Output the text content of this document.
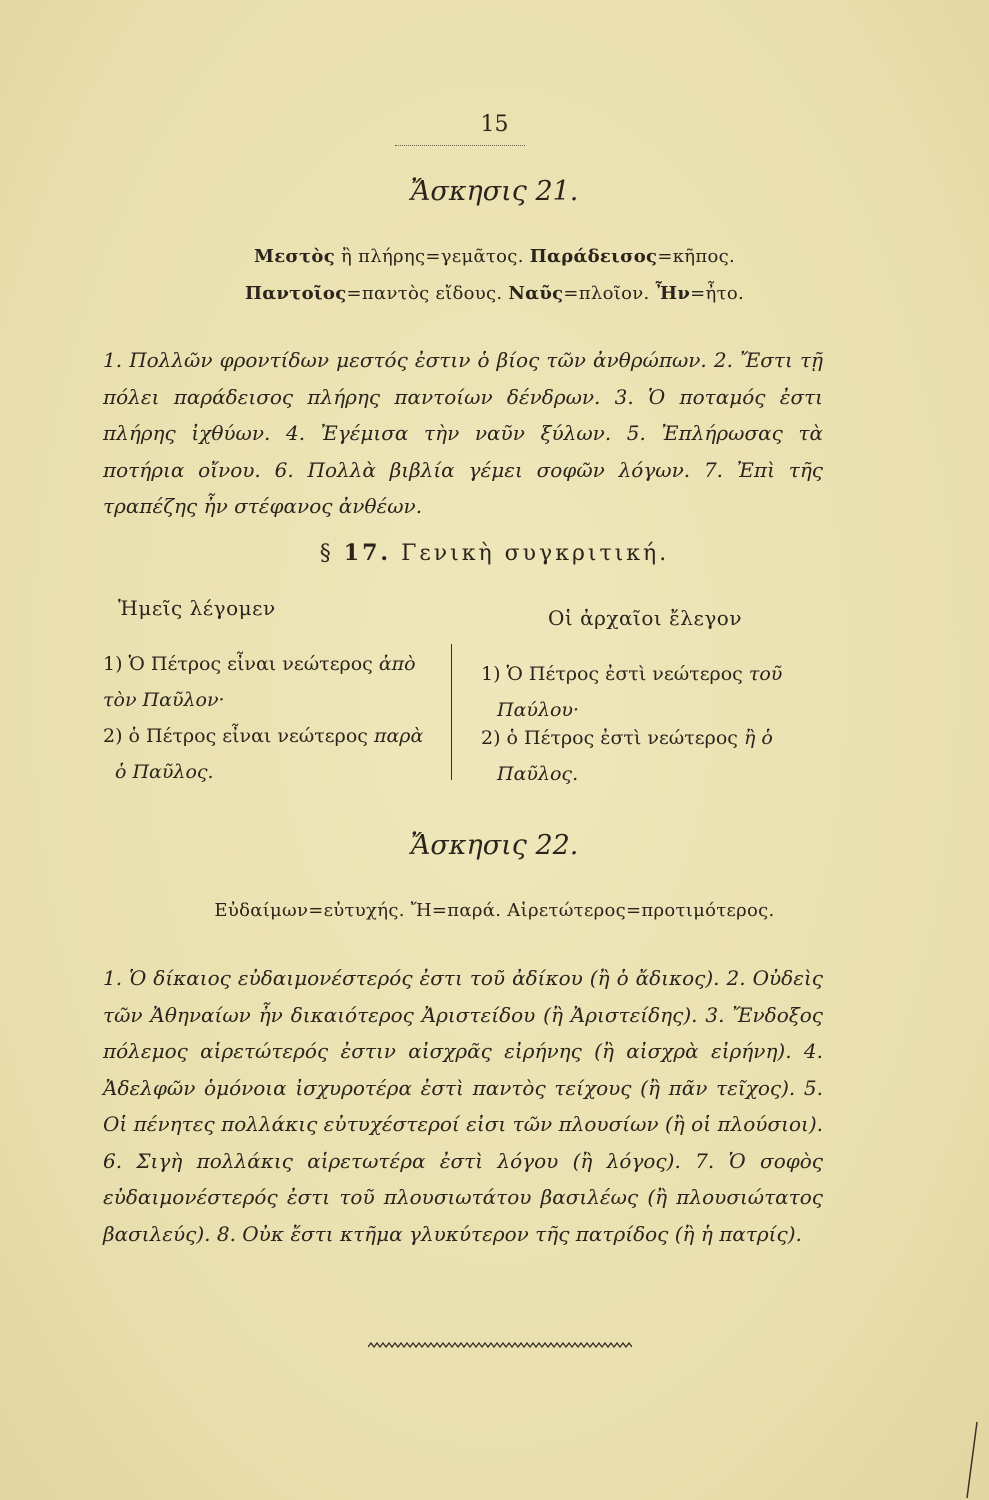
15
Ἄσκησις 21.
Μεστὸς ἢ πλήρης=γεμᾶτος. Παράδεισος=κῆπος.
Παντοῖος=παντὸς εἴδους. Ναῦς=πλοῖον. Ἦν=ἦτο.
1. Πολλῶν φροντίδων μεστός ἐστιν ὁ βίος τῶν ἀνθρώπων. 2. Ἔστι τῇ πόλει παράδεισος πλήρης παντοίων δένδρων. 3. Ὁ ποταμός ἐστι πλήρης ἰχθύων. 4. Ἐγέμισα τὴν ναῦν ξύλων. 5. Ἐπλήρωσας τὰ ποτήρια οἴνου. 6. Πολλὰ βιβλία γέμει σοφῶν λόγων. 7. Ἐπὶ τῆς τραπέζης ἦν στέφανος ἀνθέων.
§ 17. Γενικὴ συγκριτική.
Ἡμεῖς λέγομεν	Οἱ ἀρχαῖοι ἔλεγον
1) Ὁ Πέτρος εἶναι νεώτερος ἀπὸ
τὸν Παῦλον·
2) ὁ Πέτρος εἶναι νεώτερος παρὰ
ὁ Παῦλος.
1) Ὁ Πέτρος ἐστὶ νεώτερος τοῦ
Παύλου·
2) ὁ Πέτρος ἐστὶ νεώτερος ἢ ὁ
Παῦλος.
Ἄσκησις 22.
Εὐδαίμων=εὐτυχής. Ἤ=παρά. Αἱρετώτερος=προτιμότερος.
1. Ὁ δίκαιος εὐδαιμονέστερός ἐστι τοῦ ἀδίκου (ἢ ὁ ἄδικος). 2. Οὐδεὶς τῶν Ἀθηναίων ἦν δικαιότερος Ἀριστείδου (ἢ Ἀριστείδης). 3. Ἔνδοξος πόλεμος αἱρετώτερός ἐστιν αἰσχρᾶς εἰρήνης (ἢ αἰσχρὰ εἰρήνη). 4. Ἀδελφῶν ὁμόνοια ἰσχυροτέρα ἐστὶ παντὸς τείχους (ἢ πᾶν τεῖχος). 5. Οἱ πένητες πολλάκις εὐτυχέστεροί εἰσι τῶν πλουσίων (ἢ οἱ πλούσιοι). 6. Σιγὴ πολλάκις αἱρετωτέρα ἐστὶ λόγου (ἢ λόγος). 7. Ὁ σοφὸς εὐδαιμονέστερός ἐστι τοῦ πλουσιωτάτου βασιλέως (ἢ πλουσιώτατος βασιλεύς). 8. Οὐκ ἔστι κτῆμα γλυκύτερον τῆς πατρίδος (ἢ ἡ πατρίς).
